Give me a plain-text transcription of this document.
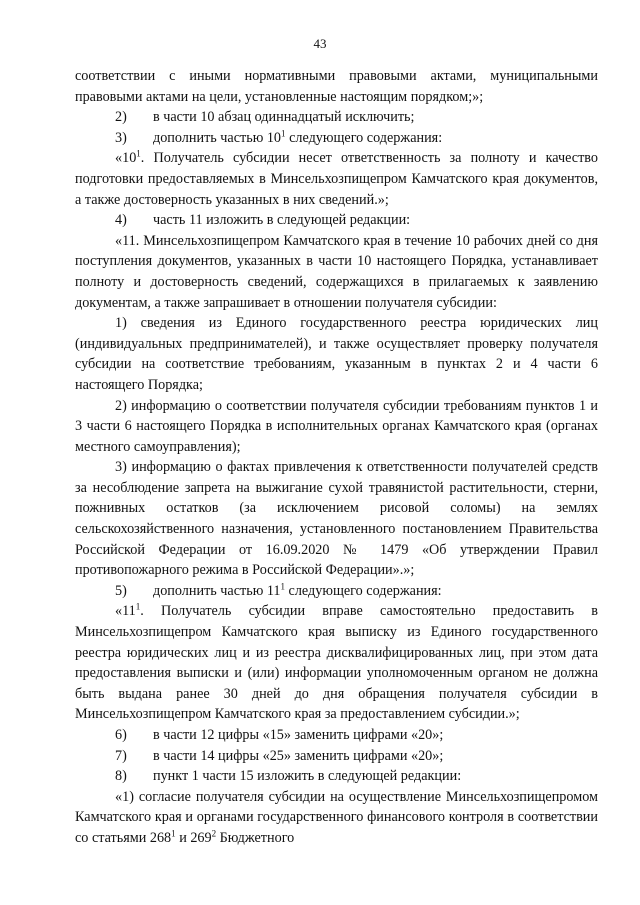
43

соответствии с иными нормативными правовыми актами, муниципальными правовыми актами на цели, установленные настоящим порядком;»;

2)	в части 10 абзац одиннадцатый исключить;
3)	дополнить частью $10^1$ следующего содержания:

«$10^1$. Получатель субсидии несет ответственность за полноту и качество подготовки предоставляемых в Минсельхозпищепром Камчатского края документов, а также достоверность указанных в них сведений.»;

4)	часть 11 изложить в следующей редакции:

«11. Минсельхозпищепром Камчатского края в течение 10 рабочих дней со дня поступления документов, указанных в части 10 настоящего Порядка, устанавливает полноту и достоверность сведений, содержащихся в прилагаемых к заявлению документам, а также запрашивает в отношении получателя субсидии:

1) сведения из Единого государственного реестра юридических лиц (индивидуальных предпринимателей), и также осуществляет проверку получателя субсидии на соответствие требованиям, указанным в пунктах 2 и 4 части 6 настоящего Порядка;

2) информацию о соответствии получателя субсидии требованиям пунктов 1 и 3 части 6 настоящего Порядка в исполнительных органах Камчатского края (органах местного самоуправления);

3) информацию о фактах привлечения к ответственности получателей средств за несоблюдение запрета на выжигание сухой травянистой растительности, стерни, пожнивных остатков (за исключением рисовой соломы) на землях сельскохозяйственного назначения, установленного постановлением Правительства Российской Федерации от 16.09.2020 № 1479 «Об утверждении Правил противопожарного режима в Российской Федерации».»;

5)	дополнить частью $11^1$ следующего содержания:

«$11^1$. Получатель субсидии вправе самостоятельно предоставить в Минсельхозпищепром Камчатского края выписку из Единого государственного реестра юридических лиц и из реестра дисквалифицированных лиц, при этом дата предоставления выписки и (или) информации уполномоченным органом не должна быть выдана ранее 30 дней до дня обращения получателя субсидии в Минсельхозпищепром Камчатского края за предоставлением субсидии.»;

6)	в части 12 цифры «15» заменить цифрами «20»;
7)	в части 14 цифры «25» заменить цифрами «20»;
8)	пункт 1 части 15 изложить в следующей редакции:

«1) согласие получателя субсидии на осуществление Минсельхозпищепромом Камчатского края и органами государственного финансового контроля в соответствии со статьями $268^1$ и $269^2$ Бюджетного
